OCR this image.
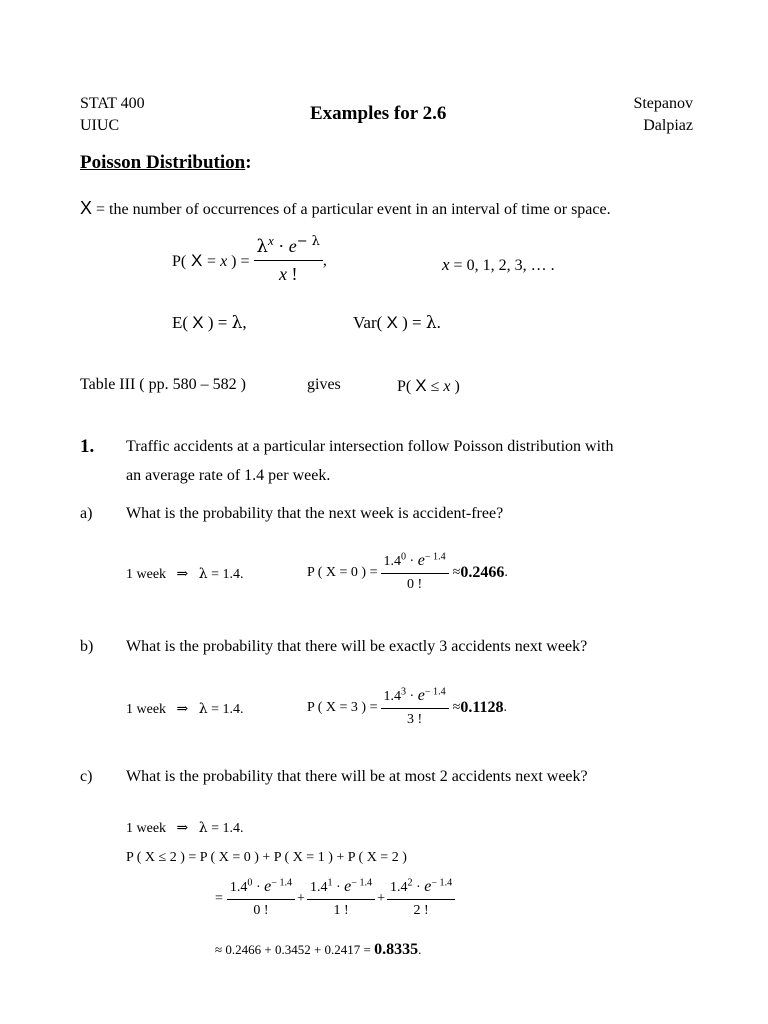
STAT 400
UIUC
Examples for 2.6	Stepanov
Dalpiaz
Poisson Distribution:
X = the number of occurrences of a particular event in an interval of time or space.
P( X = x ) = $\frac{\lambda^x \cdot e^{- \lambda}}{x !}$ ,	x = 0, 1, 2, 3, … .
E( X ) = λ,	Var( X ) = λ.
Table III ( pp. 580 – 582 )	gives	P( X ≤ x )
1. Traffic accidents at a particular intersection follow Poisson distribution with
an average rate of 1.4 per week.
a) What is the probability that the next week is accident-free?
1 week ⇒ λ = 1.4.	P ( X = 0 ) = $\frac{1.4^0 \cdot e^{- 1.4}}{0 !} \approx 0.2466$ .
b) What is the probability that there will be exactly 3 accidents next week?
1 week ⇒ λ = 1.4.	P ( X = 3 ) = $\frac{1.4^3 \cdot e^{- 1.4}}{3 !} \approx 0.1128$ .
c) What is the probability that there will be at most 2 accidents next week?
1 week ⇒ λ = 1.4.
P ( X ≤ 2 ) = P ( X = 0 ) + P ( X = 1 ) + P ( X = 2 )
= $\frac{1.4^0 \cdot e^{- 1.4}}{0 !} + \frac{1.4^1 \cdot e^{- 1.4}}{1 !} + \frac{1.4^2 \cdot e^{- 1.4}}{2 !}$
≈ 0.2466 + 0.3452 + 0.2417 = 0.8335.
